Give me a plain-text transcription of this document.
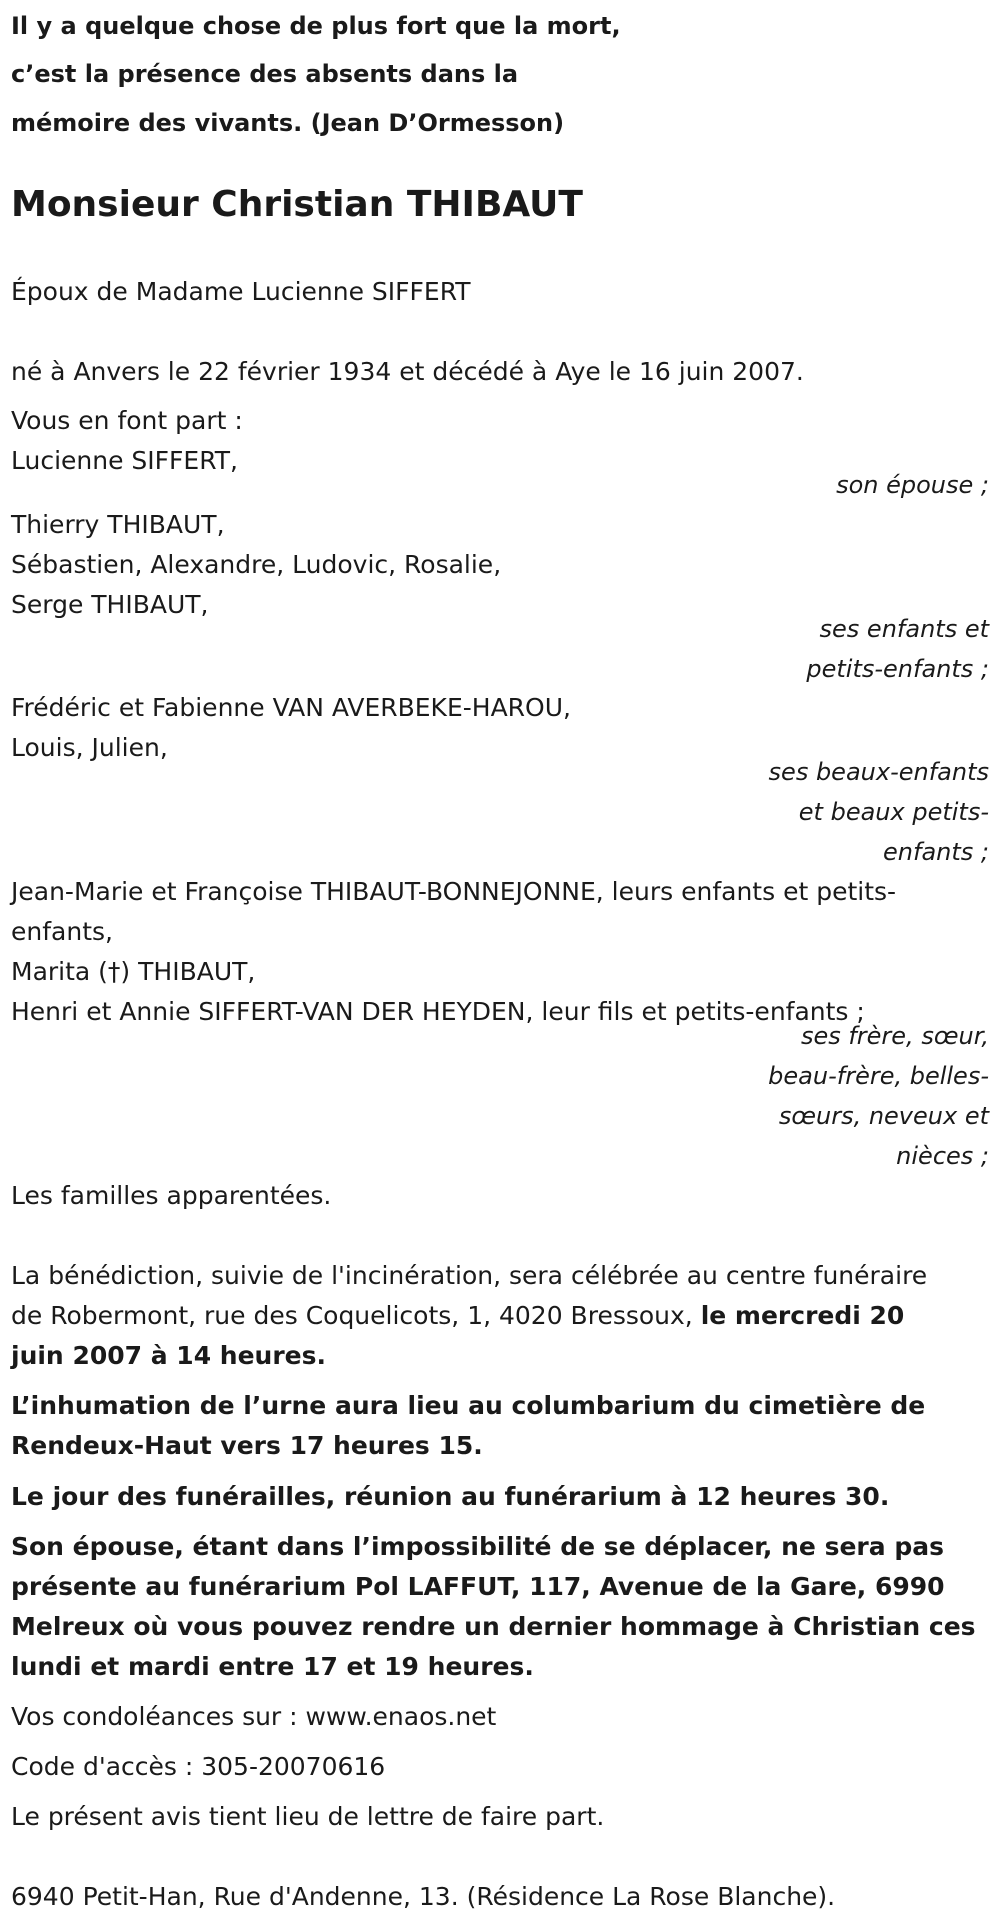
Il y a quelque chose de plus fort que la mort,
c’est la présence des absents dans la
mémoire des vivants. (Jean D’Ormesson)
Monsieur Christian THIBAUT
Époux de Madame Lucienne SIFFERT
né à Anvers le 22 février 1934 et décédé à Aye le 16 juin 2007.
Vous en font part :
Lucienne SIFFERT,
son épouse ;
Thierry THIBAUT,
Sébastien, Alexandre, Ludovic, Rosalie,
Serge THIBAUT,
ses enfants et
petits-enfants ;
Frédéric et Fabienne VAN AVERBEKE-HAROU,
Louis, Julien,
ses beaux-enfants
et beaux petits-
enfants ;
Jean-Marie et Françoise THIBAUT-BONNEJONNE, leurs enfants et petits-
enfants,
Marita (†) THIBAUT,
Henri et Annie SIFFERT-VAN DER HEYDEN, leur fils et petits-enfants ;
ses frère, sœur,
beau-frère, belles-
sœurs, neveux et
nièces ;
Les familles apparentées.
La bénédiction, suivie de l'incinération, sera célébrée au centre funéraire
de Robermont, rue des Coquelicots, 1, 4020 Bressoux, le mercredi 20
juin 2007 à 14 heures.
L’inhumation de l’urne aura lieu au columbarium du cimetière de
Rendeux-Haut vers 17 heures 15.
Le jour des funérailles, réunion au funérarium à 12 heures 30.
Son épouse, étant dans l’impossibilité de se déplacer, ne sera pas
présente au funérarium Pol LAFFUT, 117, Avenue de la Gare, 6990
Melreux où vous pouvez rendre un dernier hommage à Christian ces
lundi et mardi entre 17 et 19 heures.
Vos condoléances sur : www.enaos.net
Code d'accès : 305-20070616
Le présent avis tient lieu de lettre de faire part.
6940 Petit-Han, Rue d'Andenne, 13. (Résidence La Rose Blanche).
